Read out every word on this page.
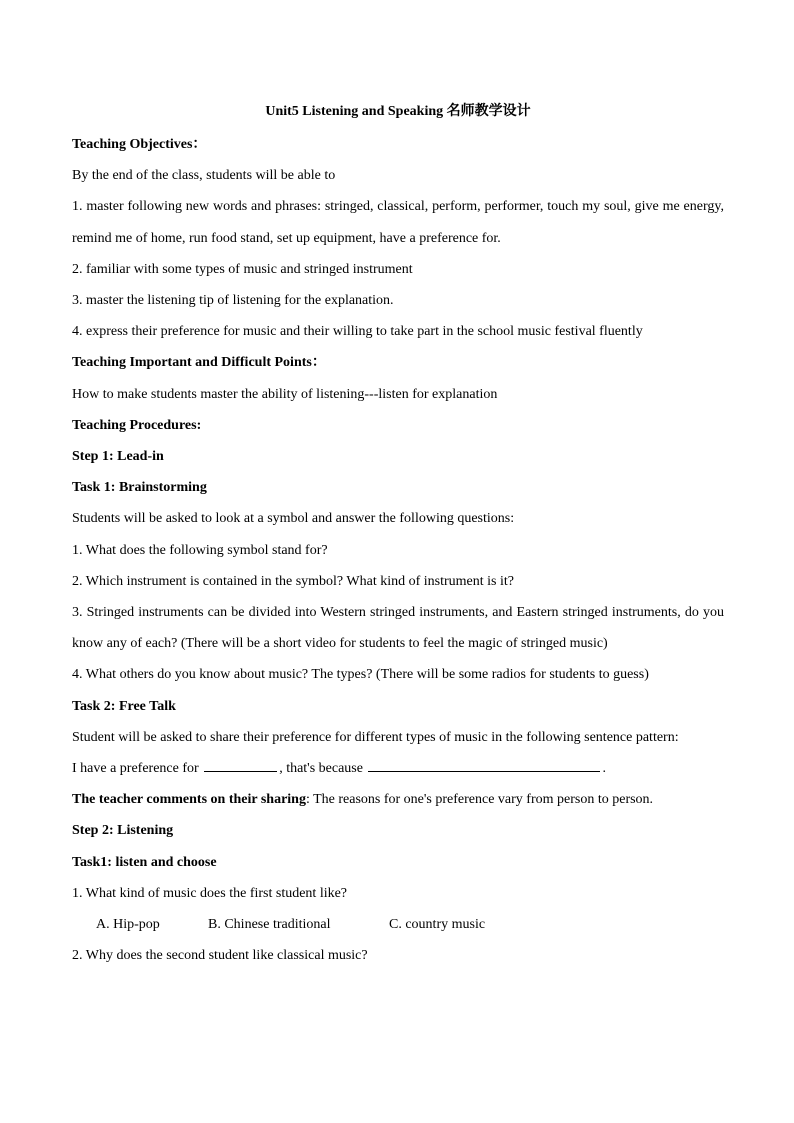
Unit5 Listening and Speaking 名师教学设计
Teaching Objectives：
By the end of the class, students will be able to
1. master following new words and phrases: stringed, classical, perform, performer, touch my soul, give me energy, remind me of home, run food stand, set up equipment, have a preference for.
2. familiar with some types of music and stringed instrument
3. master the listening tip of listening for the explanation.
4. express their preference for music and their willing to take part in the school music festival fluently
Teaching Important and Difficult Points：
How to make students master the ability of listening---listen for explanation
Teaching Procedures:
Step 1: Lead-in
Task 1: Brainstorming
Students will be asked to look at a symbol and answer the following questions:
1. What does the following symbol stand for?
2. Which instrument is contained in the symbol? What kind of instrument is it?
3. Stringed instruments can be divided into Western stringed instruments, and Eastern stringed instruments, do you know any of each? (There will be a short video for students to feel the magic of stringed music)
4. What others do you know about music? The types? (There will be some radios for students to guess)
Task 2: Free Talk
Student will be asked to share their preference for different types of music in the following sentence pattern:
I have a preference for	, that's because	.
The teacher comments on their sharing: The reasons for one's preference vary from person to person.
Step 2: Listening
Task1: listen and choose
1. What kind of music does the first student like?
A. Hip-pop	B. Chinese traditional	C. country music
2. Why does the second student like classical music?
